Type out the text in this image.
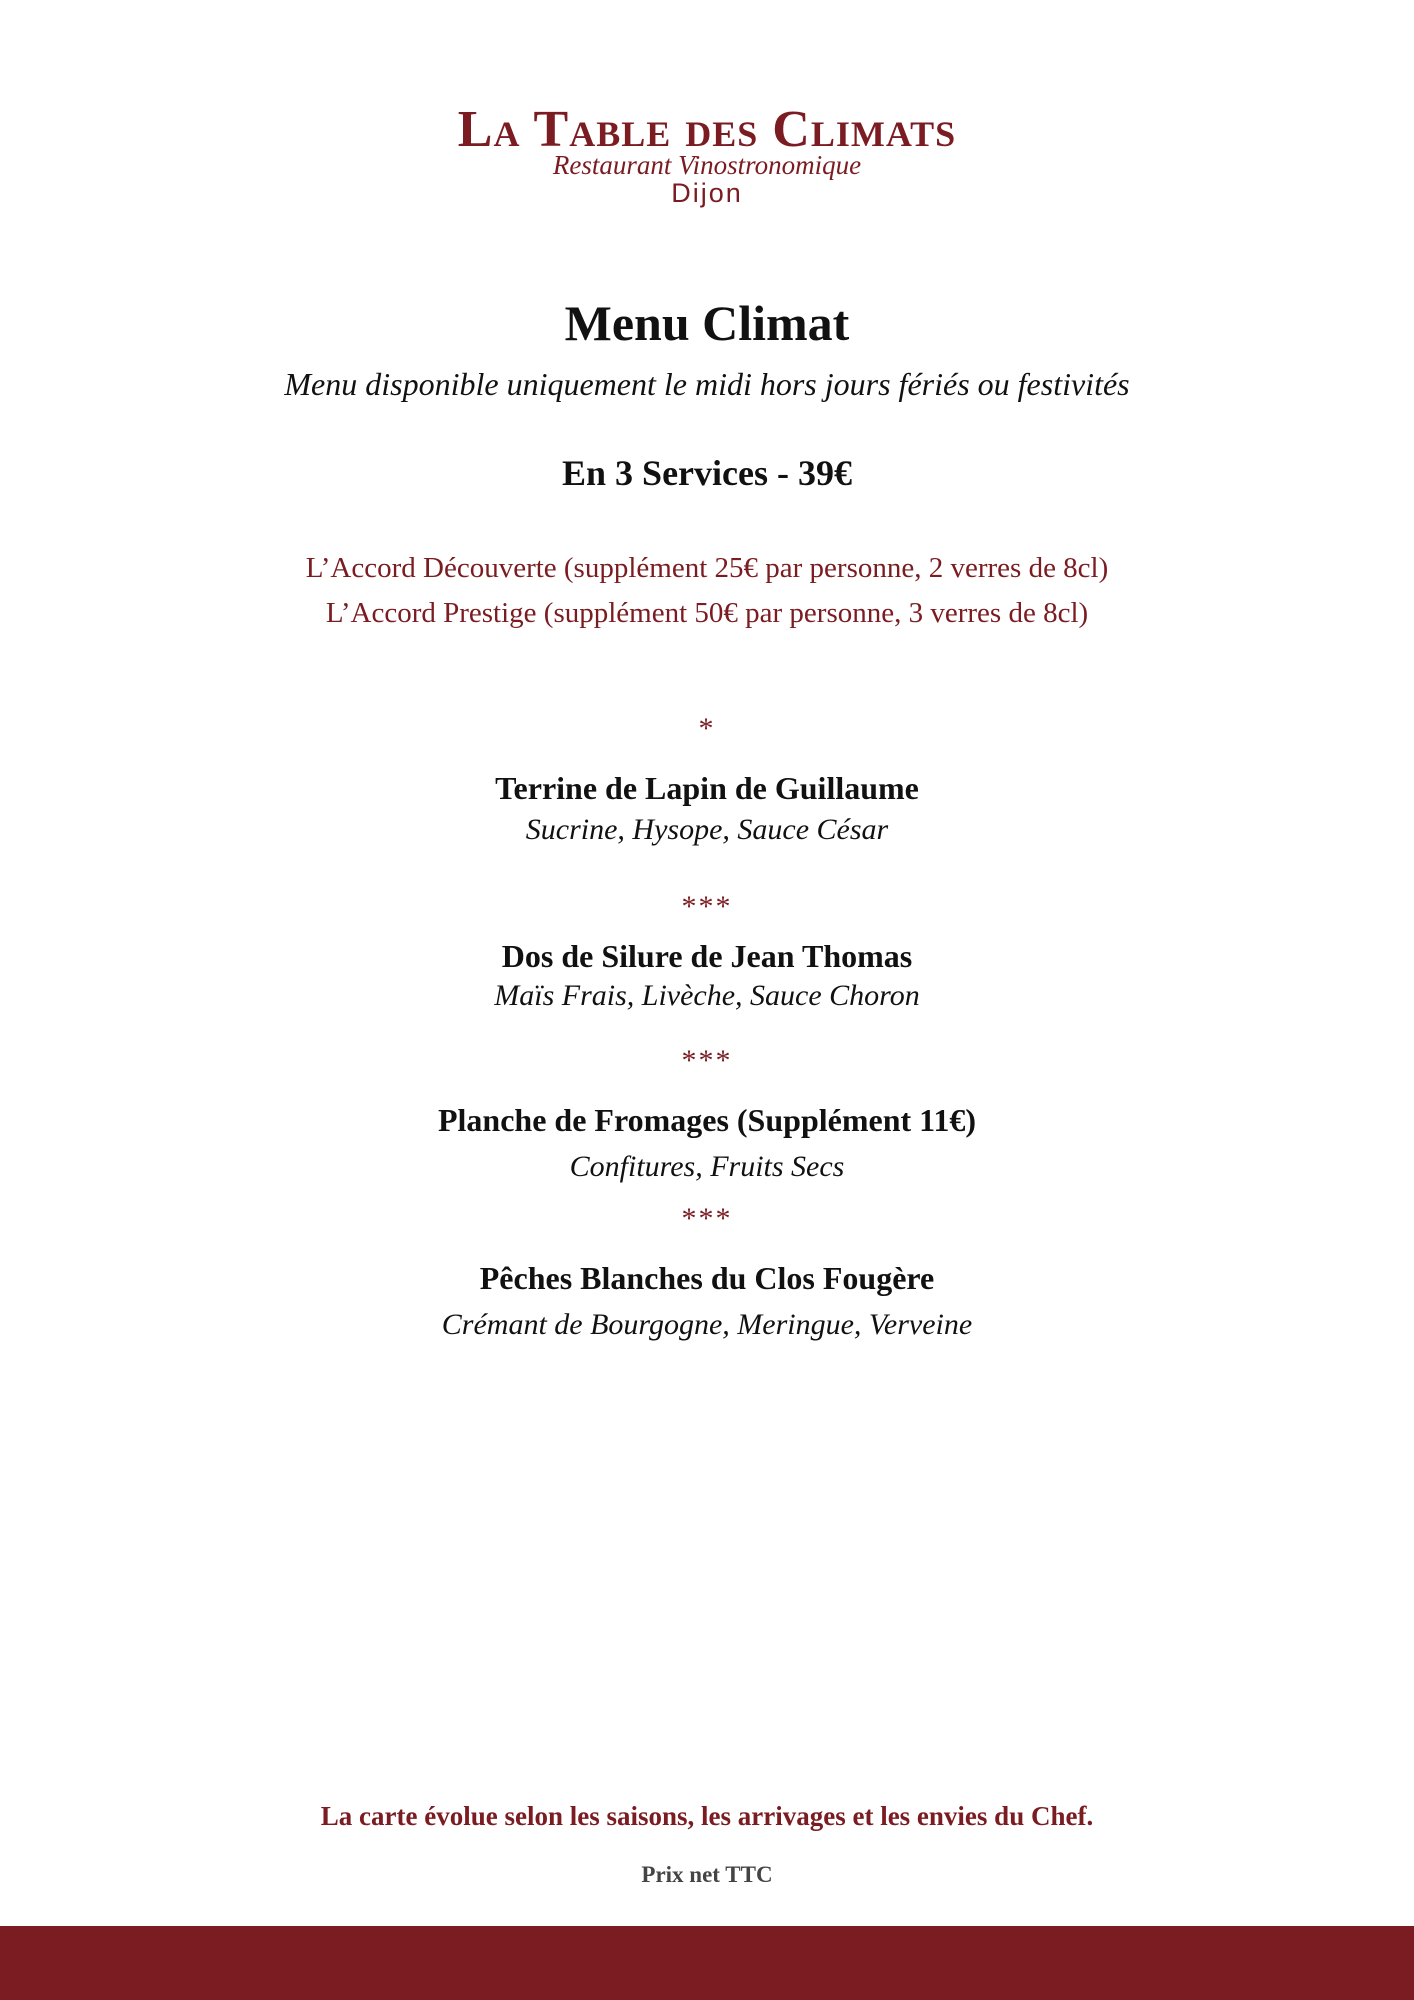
La Table des Climats
Restaurant Vinostronomique
Dijon
Menu Climat
Menu disponible uniquement le midi hors jours fériés ou festivités
En 3 Services - 39€
L’Accord Découverte (supplément 25€ par personne, 2 verres de 8cl)
L’Accord Prestige (supplément 50€ par personne, 3 verres de 8cl)
*
Terrine de Lapin de Guillaume
Sucrine, Hysope, Sauce César
***
Dos de Silure de Jean Thomas
Maïs Frais, Livèche, Sauce Choron
***
Planche de Fromages (Supplément 11€)
Confitures, Fruits Secs
***
Pêches Blanches du Clos Fougère
Crémant de Bourgogne, Meringue, Verveine
La carte évolue selon les saisons, les arrivages et les envies du Chef.
Prix net TTC
